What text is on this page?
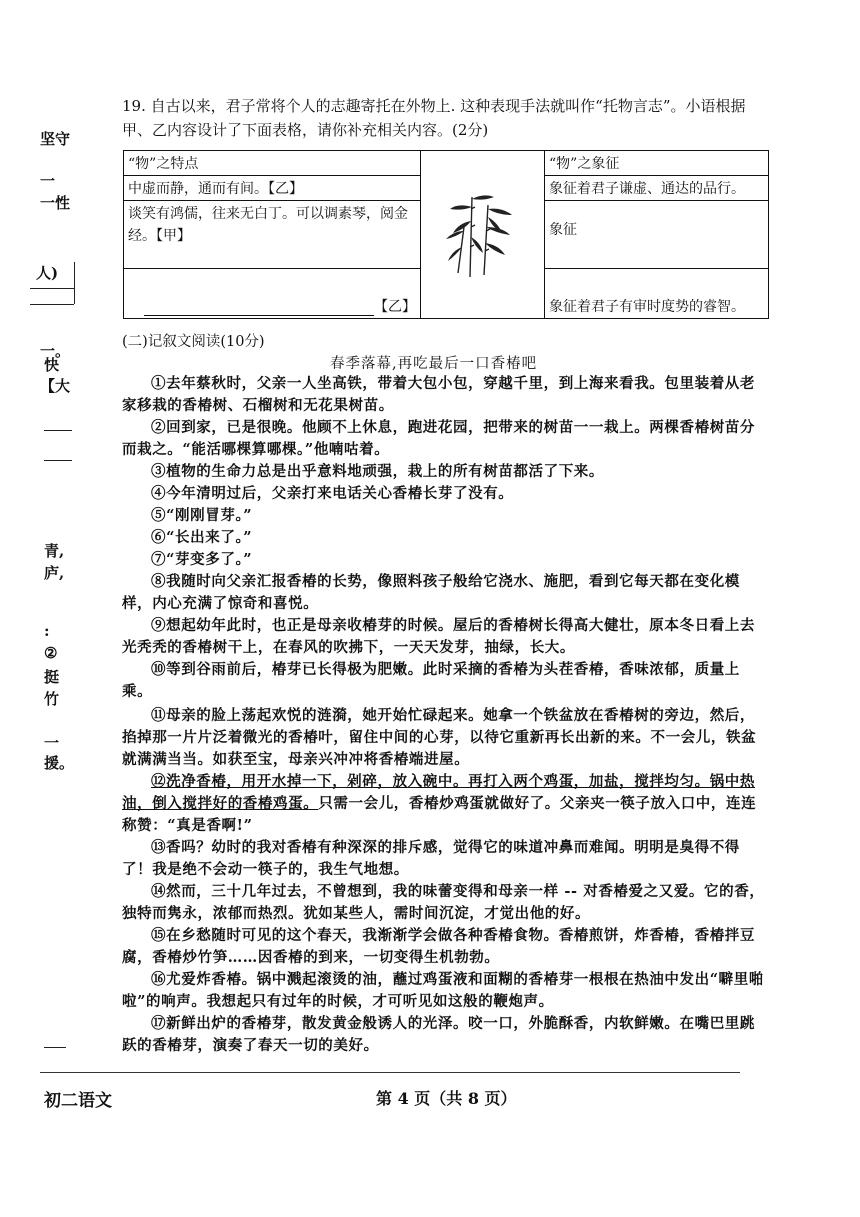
坚守
一
一性
人)
一。
快
【大
青,
庐,
:
②
挺
竹
一
援。
19. 自古以来，君子常将个人的志趣寄托在外物上. 这种表现手法就叫作“托物言志”。小语根据甲、乙内容设计了下面表格，请你补充相关内容。(2分)
“物”之特点		“物”之象征
中虚而静，通而有间。【乙】		象征着君子谦虚、通达的品行。
谈笑有鸿儒，往来无白丁。可以调素琴，阅金经。【甲】		象征
【乙】		象征着君子有审时度势的睿智。
(二)记叙文阅读(10分)
春季落幕,再吃最后一口香椿吧
①去年蔡秋时，父亲一人坐高铁，带着大包小包，穿越千里，到上海来看我。包里装着从老家移栽的香椿树、石榴树和无花果树苗。
②回到家，已是很晚。他顾不上休息，跑进花园，把带来的树苗一一栽上。两棵香椿树苗分而栽之。“能活哪棵算哪棵。”他喃咕着。
③植物的生命力总是出乎意料地顽强，栽上的所有树苗都活了下来。
④今年清明过后，父亲打来电话关心香椿长芽了没有。
⑤“刚刚冒芽。”
⑥“长出来了。”
⑦“芽变多了。”
⑧我随时向父亲汇报香椿的长势，像照料孩子般给它浇水、施肥，看到它每天都在变化模样，内心充满了惊奇和喜悦。
⑨想起幼年此时，也正是母亲收椿芽的时候。屋后的香椿树长得高大健壮，原本冬日看上去光秃秃的香椿树干上，在春风的吹拂下，一天天发芽，抽绿，长大。
⑩等到谷雨前后，椿芽已长得极为肥嫩。此时采摘的香椿为头茬香椿，香味浓郁，质量上乘。
⑪母亲的脸上荡起欢悦的涟漪，她开始忙碌起来。她拿一个铁盆放在香椿树的旁边，然后，掐掉那一片片泛着微光的香椿叶，留住中间的心芽，以待它重新再长出新的来。不一会儿，铁盆就满满当当。如获至宝，母亲兴冲冲将香椿端进屋。
⑫洗净香椿，用开水掉一下，剁碎，放入碗中。再打入两个鸡蛋，加盐，搅拌均匀。锅中热油，倒入搅拌好的香椿鸡蛋。只需一会儿，香椿炒鸡蛋就做好了。父亲夹一筷子放入口中，连连称赞：“真是香啊!”
⑬香吗？幼时的我对香椿有种深深的排斥感，觉得它的味道冲鼻而难闻。明明是臭得不得了！我是绝不会动一筷子的，我生气地想。
⑭然而，三十几年过去，不曾想到，我的味蕾变得和母亲一样 -- 对香椿爱之又爱。它的香，独特而隽永，浓郁而热烈。犹如某些人，需时间沉淀，才觉出他的好。
⑮在乡愁随时可见的这个春天，我渐渐学会做各种香椿食物。香椿煎饼，炸香椿，香椿拌豆腐，香椿炒竹笋……因香椿的到来，一切变得生机勃勃。
⑯尤爱炸香椿。锅中溅起滚烫的油，蘸过鸡蛋液和面糊的香椿芽一根根在热油中发出“噼里啪啦”的响声。我想起只有过年的时候，才可听见如这般的鞭炮声。
⑰新鲜出炉的香椿芽，散发黄金般诱人的光泽。咬一口，外脆酥香，内软鲜嫩。在嘴巴里跳跃的香椿芽，演奏了春天一切的美好。
初二语文	第 4 页（共 8 页）
